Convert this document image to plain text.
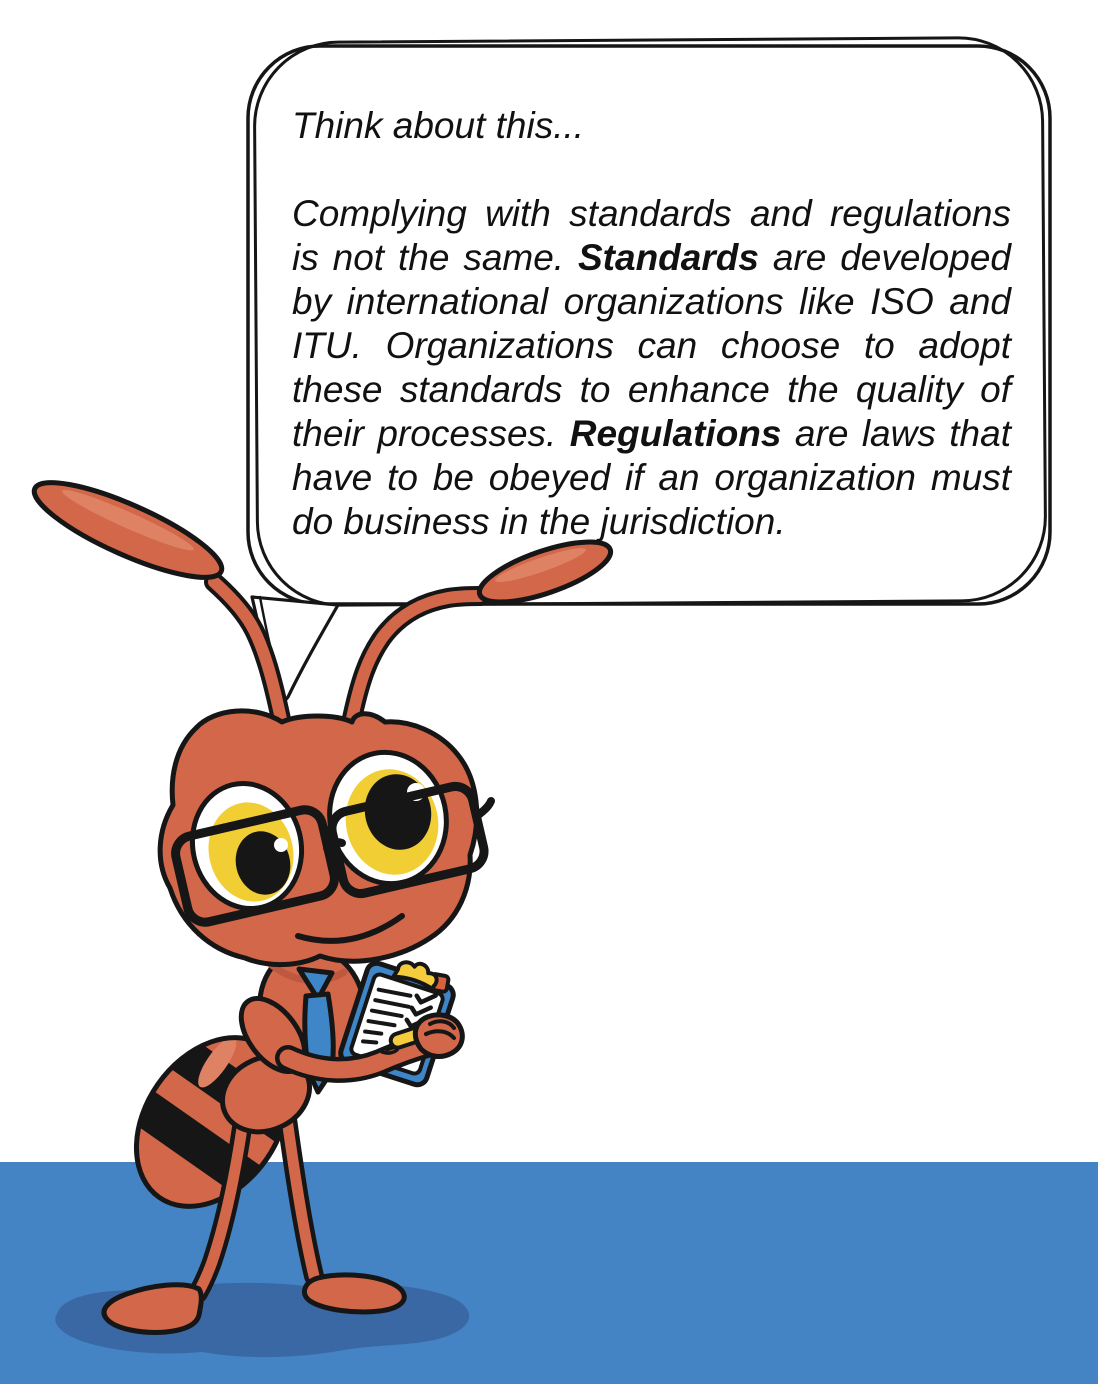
Think about this...

Complying with standards and regulations is not the same. Standards are developed by international organizations like ISO and ITU. Organizations can choose to adopt these standards to enhance the quality of their processes. Regulations are laws that have to be obeyed if an organization must do business in the jurisdiction.
